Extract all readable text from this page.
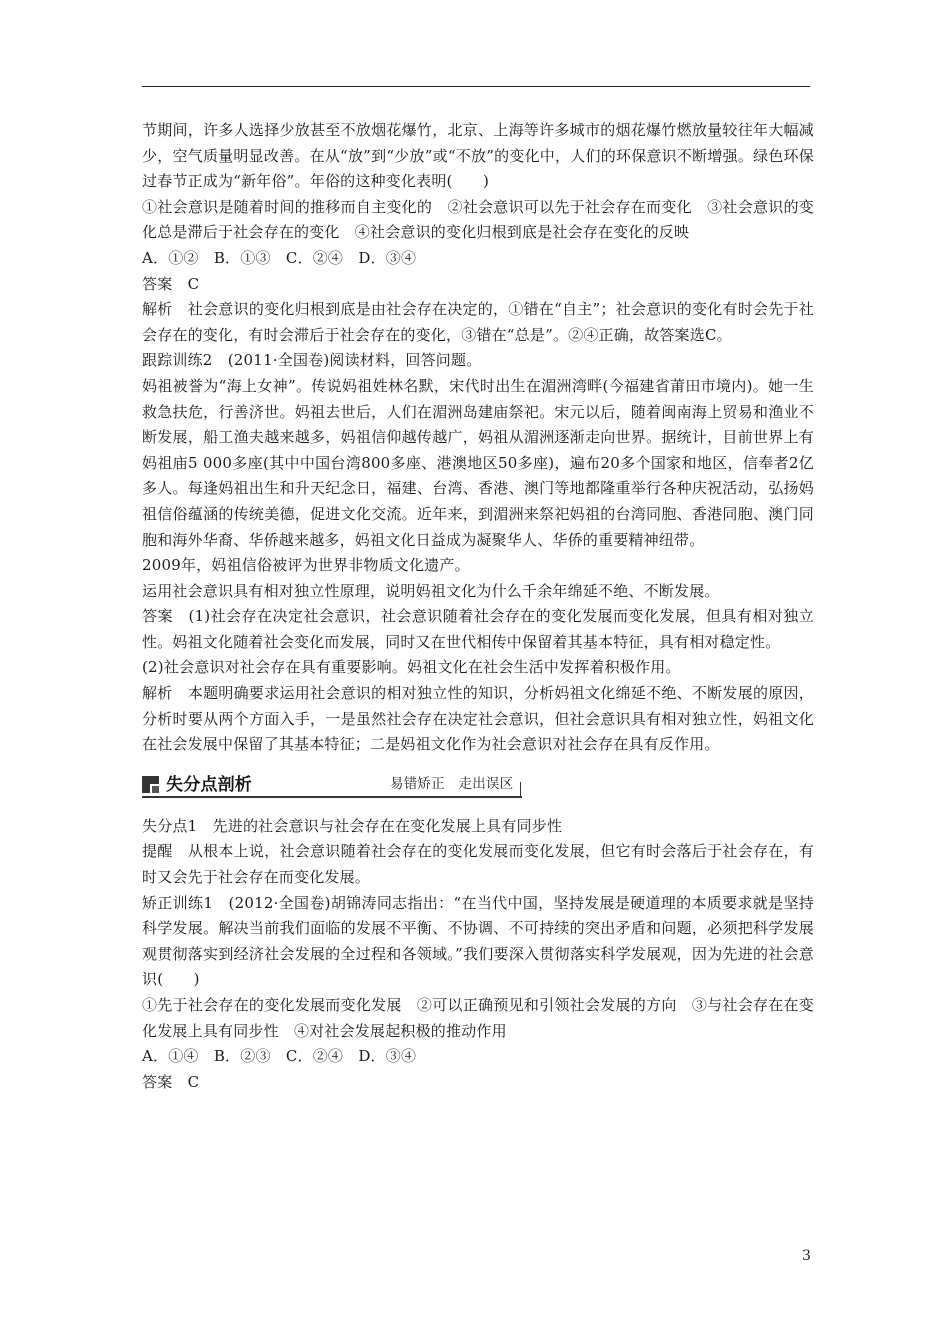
节期间，许多人选择少放甚至不放烟花爆竹，北京、上海等许多城市的烟花爆竹燃放量较往年大幅减少，空气质量明显改善。在从“放”到“少放”或“不放”的变化中，人们的环保意识不断增强。绿色环保过春节正成为“新年俗”。年俗的这种变化表明(　　)

①社会意识是随着时间的推移而自主变化的　②社会意识可以先于社会存在而变化　③社会意识的变化总是滞后于社会存在的变化　④社会意识的变化归根到底是社会存在变化的反映

A．①②　B．①③　C．②④　D．③④

答案　C

解析　社会意识的变化归根到底是由社会存在决定的，①错在“自主”；社会意识的变化有时会先于社会存在的变化，有时会滞后于社会存在的变化，③错在“总是”。②④正确，故答案选C。

跟踪训练2　(2011·全国卷)阅读材料，回答问题。

妈祖被誉为“海上女神”。传说妈祖姓林名默，宋代时出生在湄洲湾畔(今福建省莆田市境内)。她一生救急扶危，行善济世。妈祖去世后，人们在湄洲岛建庙祭祀。宋元以后，随着闽南海上贸易和渔业不断发展，船工渔夫越来越多，妈祖信仰越传越广，妈祖从湄洲逐渐走向世界。据统计，目前世界上有妈祖庙5 000多座(其中中国台湾800多座、港澳地区50多座)，遍布20多个国家和地区，信奉者2亿多人。每逢妈祖出生和升天纪念日，福建、台湾、香港、澳门等地都隆重举行各种庆祝活动，弘扬妈祖信俗蕴涵的传统美德，促进文化交流。近年来，到湄洲来祭祀妈祖的台湾同胞、香港同胞、澳门同胞和海外华裔、华侨越来越多，妈祖文化日益成为凝聚华人、华侨的重要精神纽带。

2009年，妈祖信俗被评为世界非物质文化遗产。

运用社会意识具有相对独立性原理，说明妈祖文化为什么千余年绵延不绝、不断发展。

答案　(1)社会存在决定社会意识，社会意识随着社会存在的变化发展而变化发展，但具有相对独立性。妈祖文化随着社会变化而发展，同时又在世代相传中保留着其基本特征，具有相对稳定性。

(2)社会意识对社会存在具有重要影响。妈祖文化在社会生活中发挥着积极作用。

解析　本题明确要求运用社会意识的相对独立性的知识，分析妈祖文化绵延不绝、不断发展的原因，分析时要从两个方面入手，一是虽然社会存在决定社会意识，但社会意识具有相对独立性，妈祖文化在社会发展中保留了其基本特征；二是妈祖文化作为社会意识对社会存在具有反作用。

失分点剖析	易错矫正　走出误区

失分点1　先进的社会意识与社会存在在变化发展上具有同步性

提醒　从根本上说，社会意识随着社会存在的变化发展而变化发展，但它有时会落后于社会存在，有时又会先于社会存在而变化发展。

矫正训练1　(2012·全国卷)胡锦涛同志指出：“在当代中国，坚持发展是硬道理的本质要求就是坚持科学发展。解决当前我们面临的发展不平衡、不协调、不可持续的突出矛盾和问题，必须把科学发展观贯彻落实到经济社会发展的全过程和各领域。”我们要深入贯彻落实科学发展观，因为先进的社会意识(　　)

①先于社会存在的变化发展而变化发展　②可以正确预见和引领社会发展的方向　③与社会存在在变化发展上具有同步性　④对社会发展起积极的推动作用

A．①④　B．②③　C．②④　D．③④

答案　C

3
